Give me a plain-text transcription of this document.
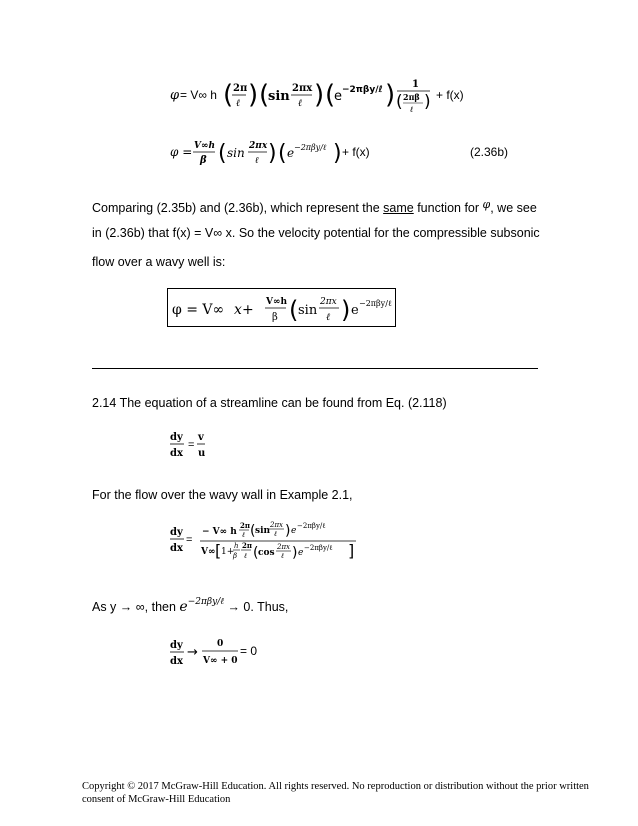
φ = V∞ h ( 2π
ℓ ) (
sin
2πx
ℓ ) (
e −2πβy/ℓ ) 1
( 2πβ
ℓ ) + f(x)
φ = V∞h
β ( sin 2πx
ℓ ) ( e −2πβy/ℓ ) + f(x)	(2.36b)
Comparing (2.35b) and (2.36b), which represent the same function for φ, we see
in (2.36b) that f(x) = V∞ x. So the velocity potential for the compressible subsonic
flow over a wavy well is:
φ = V∞ x + V∞h
β ( sin
2πx
ℓ ) e −2πβy/ℓ
2.14 The equation of a streamline can be found from Eq. (2.118)
dy
dx
=
v
u
For the flow over the wavy wall in Example 2.1,
dy
dx
=
− V∞ h
2π
ℓ ( sin
2πx
ℓ ) e −2πβy/ℓ
V∞ [ 1+
h
β
2π
ℓ ( cos
2πx
ℓ ) e −2πβy/ℓ ]
As y → ∞, then $e^{-2\pi\beta y/\ell} \to 0$. Thus,
dy
dx
→
0
V∞ + 0
= 0
Copyright © 2017 McGraw-Hill Education. All rights reserved. No reproduction or distribution without the prior written
consent of McGraw-Hill Education
